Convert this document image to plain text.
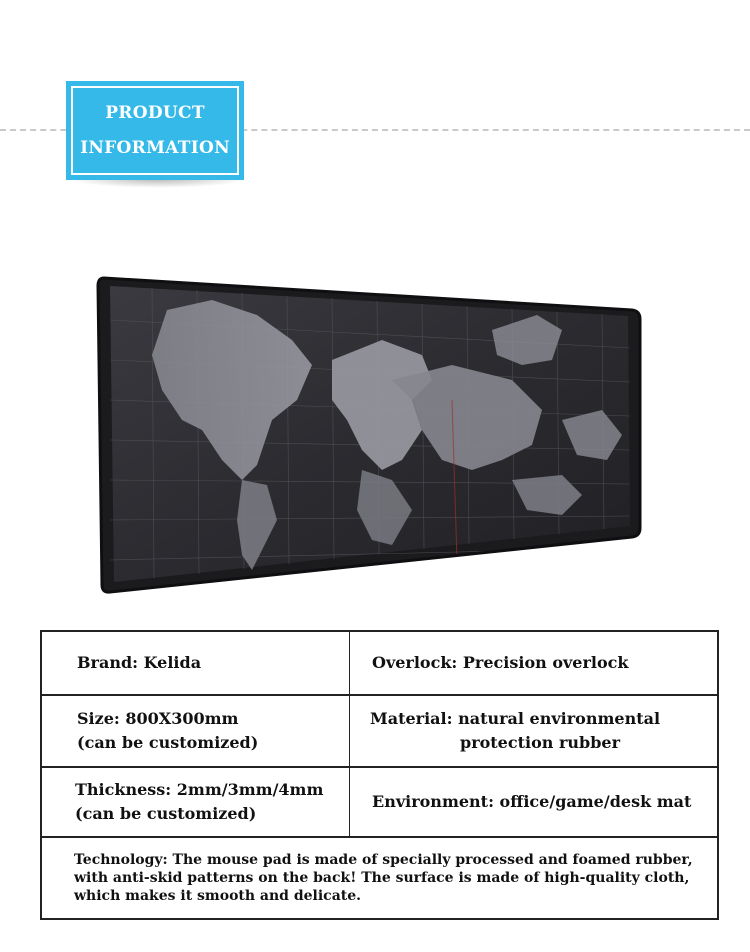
PRODUCT
INFORMATION
Brand: Kelida	Overlock: Precision overlock
Size: 800X300mm
(can be customized)
Material: natural environmental
protection rubber
Thickness: 2mm/3mm/4mm
(can be customized)
Environment: office/game/desk mat
Technology: The mouse pad is made of specially processed and foamed rubber,
with anti-skid patterns on the back! The surface is made of high-quality cloth,
which makes it smooth and delicate.
